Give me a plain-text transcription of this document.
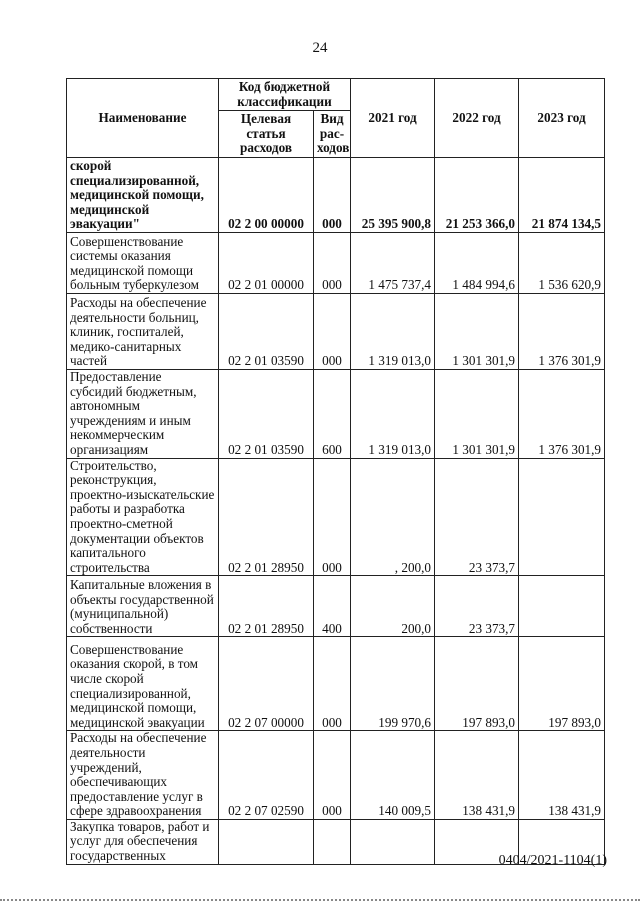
24
Наименование	Код бюджетной классификации		2021 год	2022 год	2023 год
	Целевая статья расходов	Вид рас-ходов			
скорой специализированной, медицинской помощи, медицинской эвакуации"	02 2 00 00000	000	25 395 900,8	21 253 366,0	21 874 134,5
Совершенствование системы оказания медицинской помощи больным туберкулезом	02 2 01 00000	000	1 475 737,4	1 484 994,6	1 536 620,9
Расходы на обеспечение деятельности больниц, клиник, госпиталей, медико-санитарных частей	02 2 01 03590	000	1 319 013,0	1 301 301,9	1 376 301,9
Предоставление субсидий бюджетным, автономным учреждениям и иным некоммерческим организациям	02 2 01 03590	600	1 319 013,0	1 301 301,9	1 376 301,9
Строительство, реконструкция, проектно-изыскательские работы и разработка проектно-сметной документации объектов капитального строительства	02 2 01 28950	000	, 200,0	23 373,7	
Капитальные вложения в объекты государственной (муниципальной) собственности	02 2 01 28950	400	200,0	23 373,7	
Совершенствование оказания скорой, в том числе скорой специализированной, медицинской помощи, медицинской эвакуации	02 2 07 00000	000	199 970,6	197 893,0	197 893,0
Расходы на обеспечение деятельности учреждений, обеспечивающих предоставление услуг в сфере здравоохранения	02 2 07 02590	000	140 009,5	138 431,9	138 431,9
Закупка товаров, работ и услуг для обеспечения государственных						0404/2021-1104(1)
